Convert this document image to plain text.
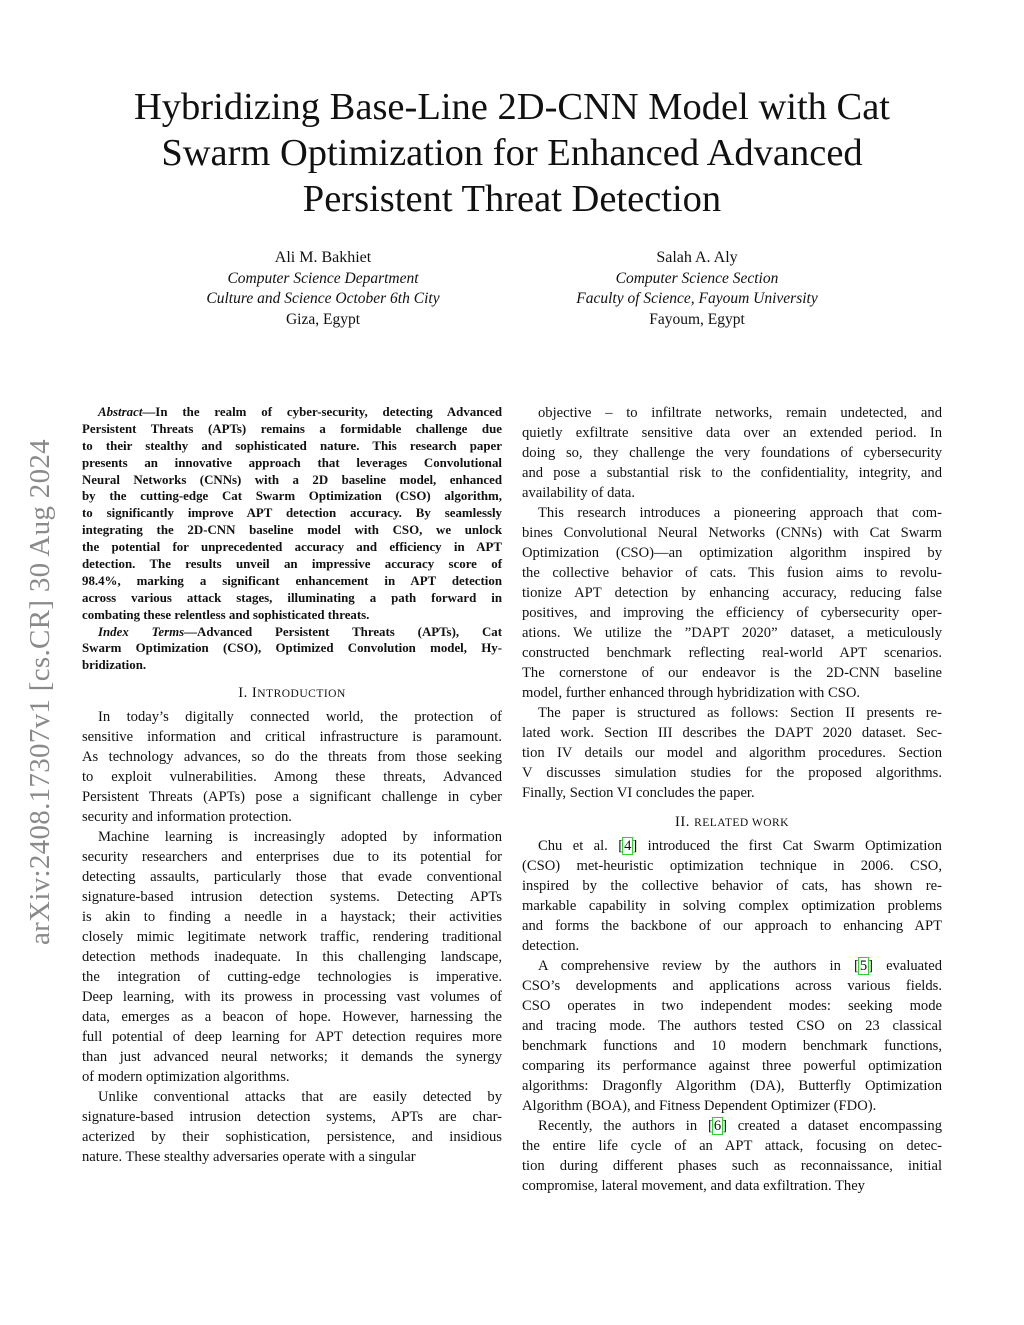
Hybridizing Base-Line 2D-CNN Model with Cat
Swarm Optimization for Enhanced Advanced
Persistent Threat Detection
Ali M. Bakhiet
Computer Science Department
Culture and Science October 6th City
Giza, Egypt
Salah A. Aly
Computer Science Section
Faculty of Science, Fayoum University
Fayoum, Egypt
arXiv:2408.17307v1 [cs.CR] 30 Aug 2024
Abstract—In the realm of cyber-security, detecting Advanced
Persistent Threats (APTs) remains a formidable challenge due
to their stealthy and sophisticated nature. This research paper
presents an innovative approach that leverages Convolutional
Neural Networks (CNNs) with a 2D baseline model, enhanced
by the cutting-edge Cat Swarm Optimization (CSO) algorithm,
to significantly improve APT detection accuracy. By seamlessly
integrating the 2D-CNN baseline model with CSO, we unlock
the potential for unprecedented accuracy and efficiency in APT
detection. The results unveil an impressive accuracy score of
98.4%, marking a significant enhancement in APT detection
across various attack stages, illuminating a path forward in
combating these relentless and sophisticated threats.
Index Terms—Advanced Persistent Threats (APTs), Cat
Swarm Optimization (CSO), Optimized Convolution model, Hy-
bridization.
I. INTRODUCTION
In today’s digitally connected world, the protection of
sensitive information and critical infrastructure is paramount.
As technology advances, so do the threats from those seeking
to exploit vulnerabilities. Among these threats, Advanced
Persistent Threats (APTs) pose a significant challenge in cyber
security and information protection.
Machine learning is increasingly adopted by information
security researchers and enterprises due to its potential for
detecting assaults, particularly those that evade conventional
signature-based intrusion detection systems. Detecting APTs
is akin to finding a needle in a haystack; their activities
closely mimic legitimate network traffic, rendering traditional
detection methods inadequate. In this challenging landscape,
the integration of cutting-edge technologies is imperative.
Deep learning, with its prowess in processing vast volumes of
data, emerges as a beacon of hope. However, harnessing the
full potential of deep learning for APT detection requires more
than just advanced neural networks; it demands the synergy
of modern optimization algorithms.
Unlike conventional attacks that are easily detected by
signature-based intrusion detection systems, APTs are char-
acterized by their sophistication, persistence, and insidious
nature. These stealthy adversaries operate with a singular
objective – to infiltrate networks, remain undetected, and
quietly exfiltrate sensitive data over an extended period. In
doing so, they challenge the very foundations of cybersecurity
and pose a substantial risk to the confidentiality, integrity, and
availability of data.
This research introduces a pioneering approach that com-
bines Convolutional Neural Networks (CNNs) with Cat Swarm
Optimization (CSO)—an optimization algorithm inspired by
the collective behavior of cats. This fusion aims to revolu-
tionize APT detection by enhancing accuracy, reducing false
positives, and improving the efficiency of cybersecurity oper-
ations. We utilize the ”DAPT 2020” dataset, a meticulously
constructed benchmark reflecting real-world APT scenarios.
The cornerstone of our endeavor is the 2D-CNN baseline
model, further enhanced through hybridization with CSO.
The paper is structured as follows: Section II presents re-
lated work. Section III describes the DAPT 2020 dataset. Sec-
tion IV details our model and algorithm procedures. Section
V discusses simulation studies for the proposed algorithms.
Finally, Section VI concludes the paper.
II. RELATED WORK
Chu et al. [4] introduced the first Cat Swarm Optimization
(CSO) met-heuristic optimization technique in 2006. CSO,
inspired by the collective behavior of cats, has shown re-
markable capability in solving complex optimization problems
and forms the backbone of our approach to enhancing APT
detection.
A comprehensive review by the authors in [5] evaluated
CSO’s developments and applications across various fields.
CSO operates in two independent modes: seeking mode
and tracing mode. The authors tested CSO on 23 classical
benchmark functions and 10 modern benchmark functions,
comparing its performance against three powerful optimization
algorithms: Dragonfly Algorithm (DA), Butterfly Optimization
Algorithm (BOA), and Fitness Dependent Optimizer (FDO).
Recently, the authors in [6] created a dataset encompassing
the entire life cycle of an APT attack, focusing on detec-
tion during different phases such as reconnaissance, initial
compromise, lateral movement, and data exfiltration. They
